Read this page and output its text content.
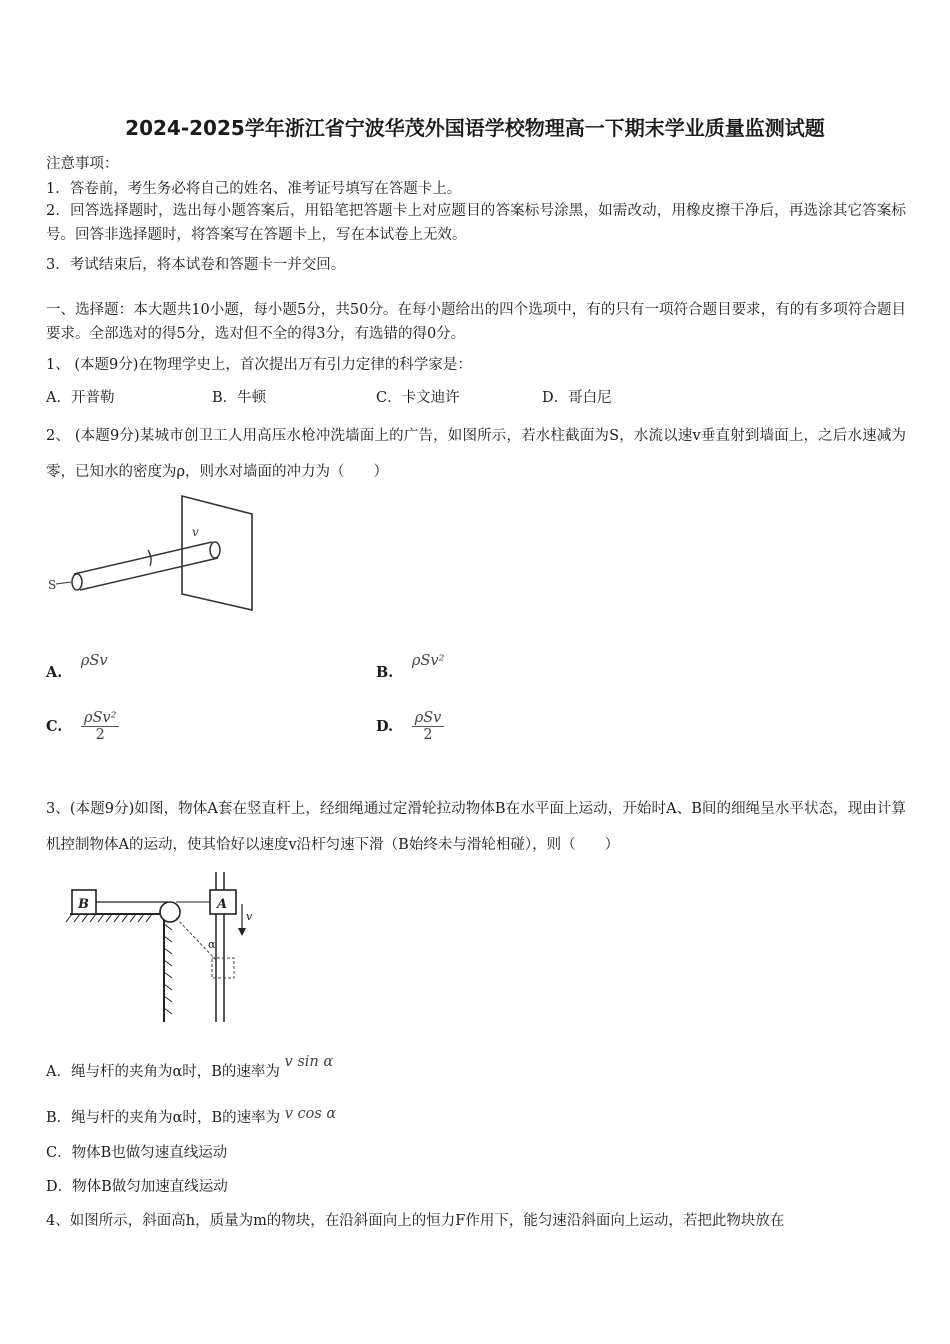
2024-2025学年浙江省宁波华茂外国语学校物理高一下期末学业质量监测试题
注意事项：
1．答卷前，考生务必将自己的姓名、准考证号填写在答题卡上。
2．回答选择题时，选出每小题答案后，用铅笔把答题卡上对应题目的答案标号涂黑，如需改动，用橡皮擦干净后，再选涂其它答案标号。回答非选择题时，将答案写在答题卡上，写在本试卷上无效。
3．考试结束后，将本试卷和答题卡一并交回。
一、选择题：本大题共10小题，每小题5分，共50分。在每小题给出的四个选项中，有的只有一项符合题目要求，有的有多项符合题目要求。全部选对的得5分，选对但不全的得3分，有选错的得0分。
1、 (本题9分)在物理学史上，首次提出万有引力定律的科学家是：
A．开普勒	B．牛顿	C．卡文迪许	D．哥白尼
2、 (本题9分)某城市创卫工人用高压水枪冲洗墙面上的广告，如图所示，若水柱截面为S，水流以速v垂直射到墙面上，之后水速减为零，已知水的密度为ρ，则水对墙面的冲力为（　　）
S
v
A. ρSv
B. ρSv²
C. $\frac{\text{ρSv²}}{2}$	D. $\frac{\text{ρSv}}{2}$
3、(本题9分)如图，物体A套在竖直杆上，经细绳通过定滑轮拉动物体B在水平面上运动，开始时A、B间的细绳呈水平状态，现由计算机控制物体A的运动，使其恰好以速度v沿杆匀速下滑（B始终未与滑轮相碰），则（　　）
B	A
v
α
A．绳与杆的夹角为α时，B的速率为 v sin α
B．绳与杆的夹角为α时，B的速率为 v cos α
C．物体B也做匀速直线运动
D．物体B做匀加速直线运动
4、如图所示，斜面高h，质量为m的物块，在沿斜面向上的恒力F作用下，能匀速沿斜面向上运动，若把此物块放在
